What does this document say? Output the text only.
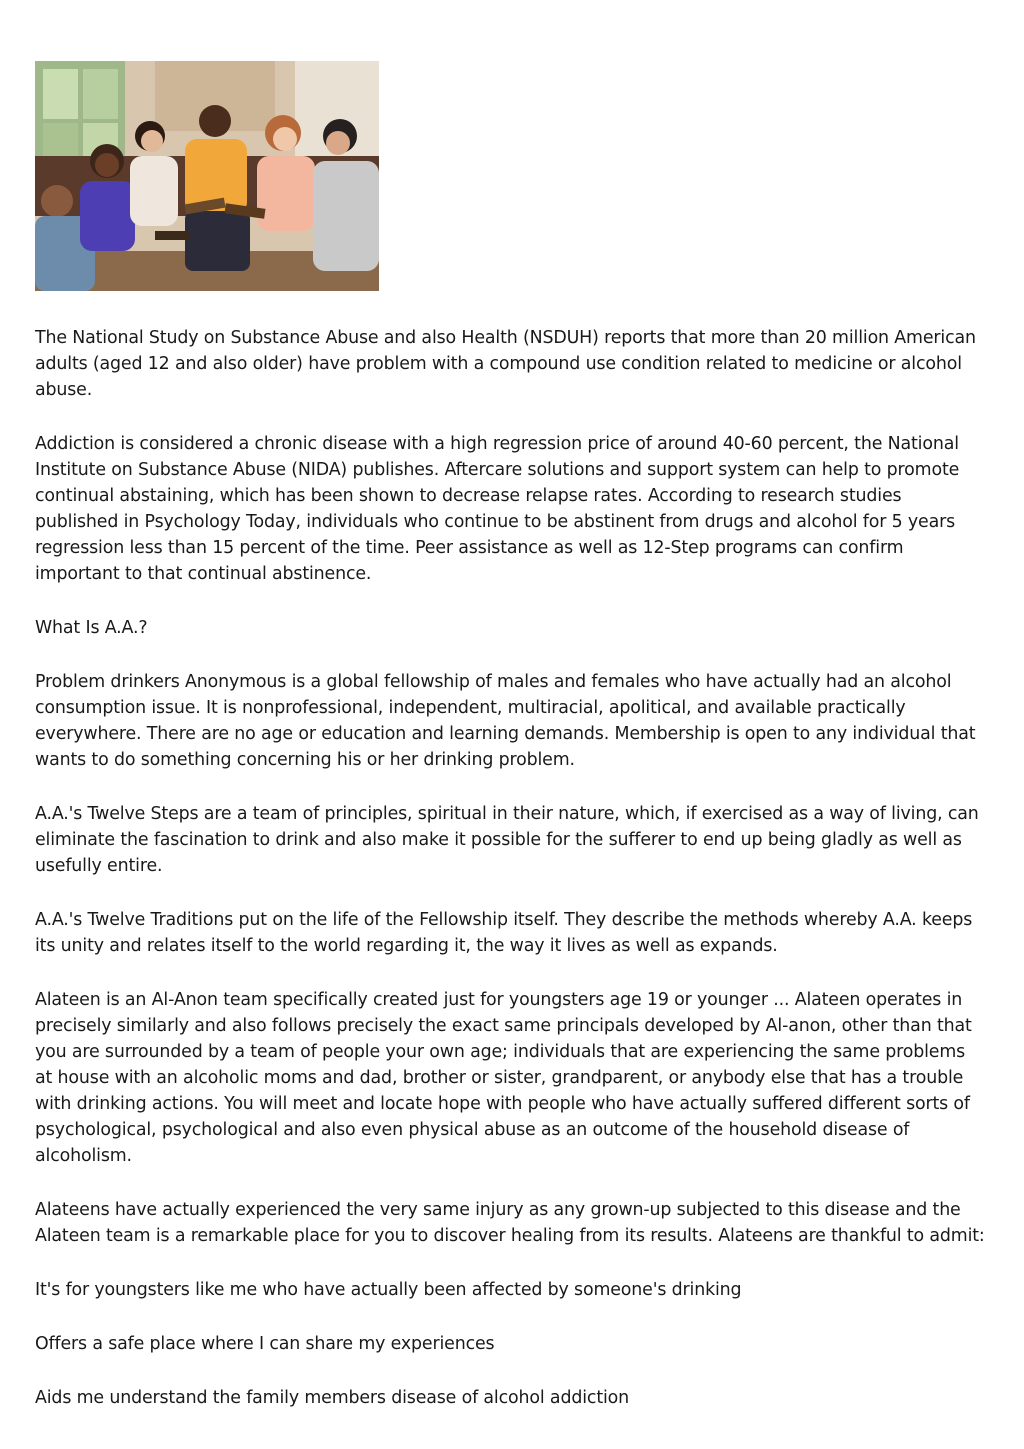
The National Study on Substance Abuse and also Health (NSDUH) reports that more than 20 million American adults (aged 12 and also older) have problem with a compound use condition related to medicine or alcohol abuse.

Addiction is considered a chronic disease with a high regression price of around 40-60 percent, the National Institute on Substance Abuse (NIDA) publishes. Aftercare solutions and support system can help to promote continual abstaining, which has been shown to decrease relapse rates. According to research studies published in Psychology Today, individuals who continue to be abstinent from drugs and alcohol for 5 years regression less than 15 percent of the time. Peer assistance as well as 12-Step programs can confirm important to that continual abstinence.

What Is A.A.?

Problem drinkers Anonymous is a global fellowship of males and females who have actually had an alcohol consumption issue. It is nonprofessional, independent, multiracial, apolitical, and available practically everywhere. There are no age or education and learning demands. Membership is open to any individual that wants to do something concerning his or her drinking problem.

A.A.'s Twelve Steps are a team of principles, spiritual in their nature, which, if exercised as a way of living, can eliminate the fascination to drink and also make it possible for the sufferer to end up being gladly as well as usefully entire.

A.A.'s Twelve Traditions put on the life of the Fellowship itself. They describe the methods whereby A.A. keeps its unity and relates itself to the world regarding it, the way it lives as well as expands.

Alateen is an Al-Anon team specifically created just for youngsters age 19 or younger ... Alateen operates in precisely similarly and also follows precisely the exact same principals developed by Al-anon, other than that you are surrounded by a team of people your own age; individuals that are experiencing the same problems at house with an alcoholic moms and dad, brother or sister, grandparent, or anybody else that has a trouble with drinking actions. You will meet and locate hope with people who have actually suffered different sorts of psychological, psychological and also even physical abuse as an outcome of the household disease of alcoholism.

Alateens have actually experienced the very same injury as any grown-up subjected to this disease and the Alateen team is a remarkable place for you to discover healing from its results. Alateens are thankful to admit:

It's for youngsters like me who have actually been affected by someone's drinking

Offers a safe place where I can share my experiences

Aids me understand the family members disease of alcohol addiction
